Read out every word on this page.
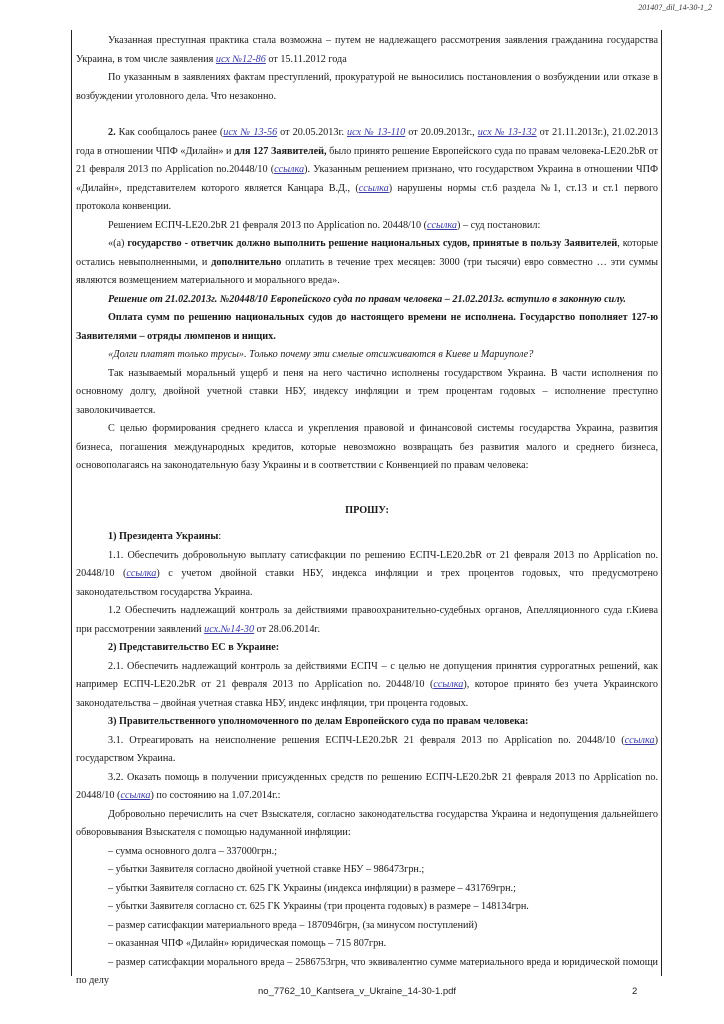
20140?_dil_14-30-1_2

Указанная преступная практика стала возможна – путем не надлежащего рассмотрения заявления гражданина государства Украина, в том числе заявления исх №12-86 от 15.11.2012 года

По указанным в заявлениях фактам преступлений, прокуратурой не выносились постановления о возбуждении или отказе в возбуждении уголовного дела. Что незаконно.

2. Как сообщалось ранее (исх № 13-56 от 20.05.2013г. исх № 13-110 от 20.09.2013г., исх № 13-132 от 21.11.2013г.), 21.02.2013 года в отношении ЧПФ «Дилайн» и для 127 Заявителей, было принято решение Европейского суда по правам человека-LE20.2bR от 21 февраля 2013 по Application no.20448/10 (ссылка). Указанным решением признано, что государством Украина в отношении ЧПФ «Дилайн», представителем которого является Канцара В.Д., (ссылка) нарушены нормы ст.6 раздела №1, ст.13 и ст.1 первого протокола конвенции.

Решением ЕСПЧ-LE20.2bR 21 февраля 2013 по Application no. 20448/10 (ссылка) – суд постановил:

«(a) государство - ответчик должно выполнить решение национальных судов, принятые в пользу Заявителей, которые остались невыполненными, и дополнительно оплатить в течение трех месяцев: 3000 (три тысячи) евро совместно … эти суммы являются возмещением материального и морального вреда».

Решение от 21.02.2013г. №20448/10 Европейского суда по правам человека – 21.02.2013г. вступило в законную силу.

Оплата сумм по решению национальных судов до настоящего времени не исполнена. Государство пополняет 127-ю Заявителями – отряды люмпенов и нищих.

«Долги платят только трусы». Только почему эти смелые отсиживаются в Киеве и Мариуполе?

Так называемый моральный ущерб и пеня на него частично исполнены государством Украина. В части исполнения по основному долгу, двойной учетной ставки НБУ, индексу инфляции и трем процентам годовых – исполнение преступно заволокичивается.

С целью формирования среднего класса и укрепления правовой и финансовой системы государства Украина, развития бизнеса, погашения международных кредитов, которые невозможно возвращать без развития малого и среднего бизнеса, основополагаясь на законодательную базу Украины и в соответствии с Конвенцией по правам человека:

ПРОШУ:

1) Президента Украины:

1.1. Обеспечить добровольную выплату сатисфакции по решению ЕСПЧ-LE20.2bR от 21 февраля 2013 по Application no. 20448/10 (ссылка) с учетом двойной ставки НБУ, индекса инфляции и трех процентов годовых, что предусмотрено законодательством государства Украина.

1.2 Обеспечить надлежащий контроль за действиями правоохранительно-судебных органов, Апелляционного суда г.Киева при рассмотрении заявлений исх.№14-30 от 28.06.2014г.

2) Представительство ЕС в Украине:

2.1. Обеспечить надлежащий контроль за действиями ЕСПЧ – с целью не допущения принятия суррогатных решений, как например ЕСПЧ-LE20.2bR от 21 февраля 2013 по Application no. 20448/10 (ссылка), которое принято без учета Украинского законодательства – двойная учетная ставка НБУ, индекс инфляции, три процента годовых.

3) Правительственного уполномоченного по делам Европейского суда по правам человека:

3.1. Отреагировать на неисполнение решения ЕСПЧ-LE20.2bR 21 февраля 2013 по Application no. 20448/10 (ссылка) государством Украина.

3.2. Оказать помощь в получении присужденных средств по решению ЕСПЧ-LE20.2bR 21 февраля 2013 по Application no. 20448/10 (ссылка) по состоянию на 1.07.2014г.:

Добровольно перечислить на счет Взыскателя, согласно законодательства государства Украина и недопущения дальнейшего обворовывания Взыскателя с помощью надуманной инфляции:

– сумма основного долга – 337000грн.;

– убытки Заявителя согласно двойной учетной ставке НБУ – 986473грн.;

– убытки Заявителя согласно ст. 625 ГК Украины (индекса инфляции) в размере – 431769грн.;

– убытки Заявителя согласно ст. 625 ГК Украины (три процента годовых) в размере – 148134грн.

– размер сатисфакции материального вреда – 1870946грн, (за минусом поступлений)

– оказанная ЧПФ «Дилайн» юридическая помощь – 715 807грн.

– размер сатисфакции морального вреда – 2586753грн, что эквивалентно сумме материального вреда и юридической помощи по делу

no_7762_10_Kantsera_v_Ukraine_14-30-1.pdf	2
